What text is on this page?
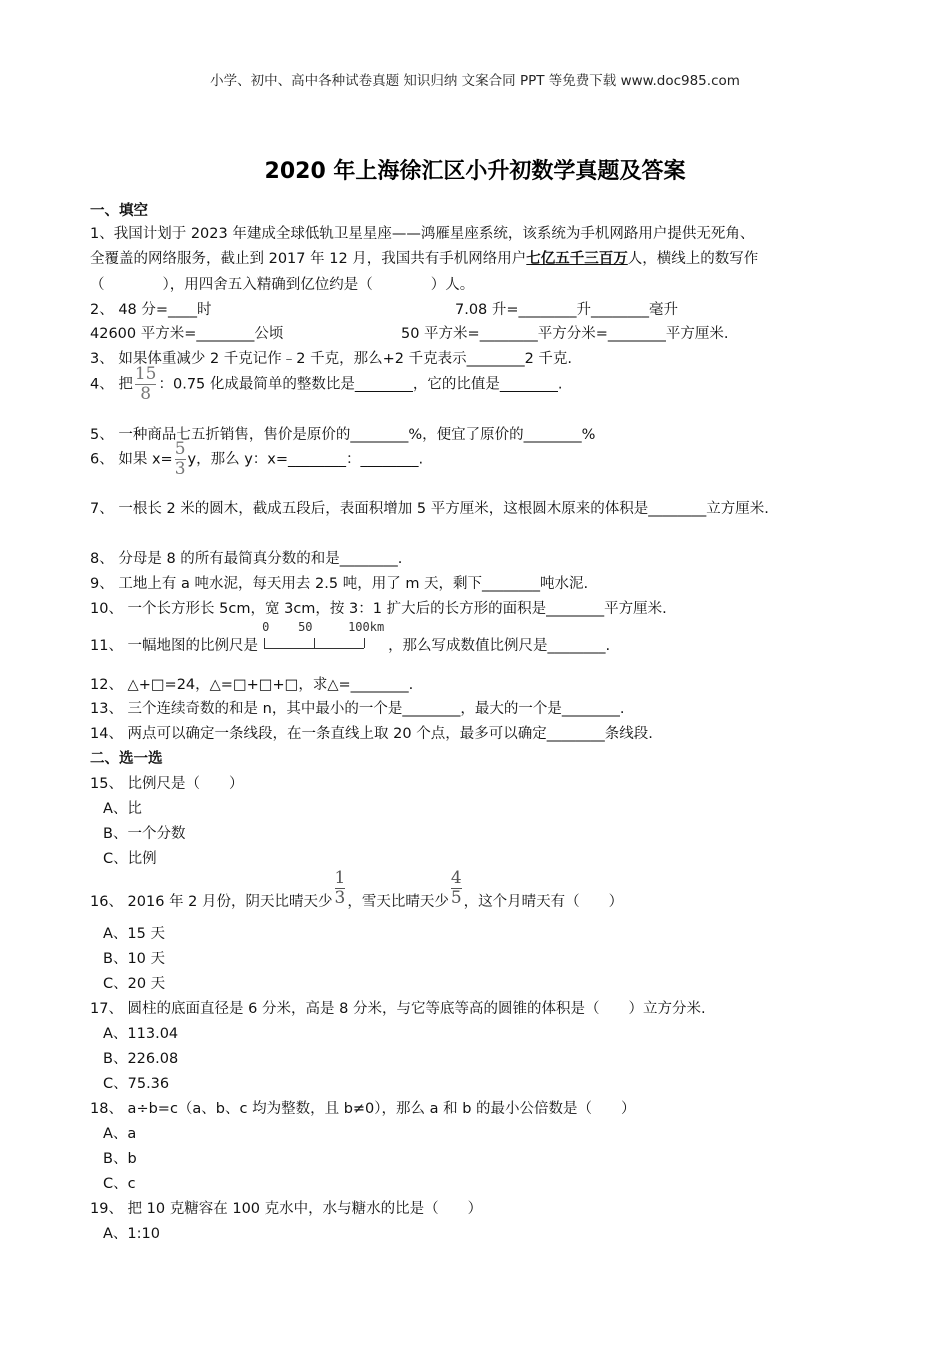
小学、初中、高中各种试卷真题 知识归纳 文案合同 PPT 等免费下载 www.doc985.com
2020 年上海徐汇区小升初数学真题及答案
一、填空
1、我国计划于 2023 年建成全球低轨卫星星座——鸿雁星座系统，该系统为手机网路用户提供无死角、
全覆盖的网络服务，截止到 2017 年 12 月，我国共有手机网络用户七亿五千三百万人，横线上的数写作
（　　　　），用四舍五入精确到亿位约是（　　　　）人。
2、 48 分=____时	7.08 升=________升________毫升
42600 平方米=________公顷	50 平方米=________平方分米=________平方厘米.
3、 如果体重减少 2 千克记作﹣2 千克，那么+2 千克表示________2 千克.
4、 把 $\frac{15}{8}$ ：0.75 化成最简单的整数比是________，它的比值是________.
5、 一种商品七五折销售，售价是原价的________%，便宜了原价的________%
6、 如果 $x= \frac{5}{3}$ y，那么 y：x=________：________.
7、 一根长 2 米的圆木，截成五段后，表面积增加 5 平方厘米，这根圆木原来的体积是________立方厘米.
8、 分母是 8 的所有最简真分数的和是________.
9、 工地上有 a 吨水泥，每天用去 2.5 吨，用了 m 天，剩下________吨水泥.
10、 一个长方形长 5cm，宽 3cm，按 3：1 扩大后的长方形的面积是________平方厘米.
11、 一幅地图的比例尺是
0 50	100km
，那么写成数值比例尺是________.
12、 △+□=24，△=□+□+□，求△=________.
13、 三个连续奇数的和是 n，其中最小的一个是________，最大的一个是________.
14、 两点可以确定一条线段，在一条直线上取 20 个点，最多可以确定________条线段.
二、选一选
15、 比例尺是（　　）
A、比
B、一个分数
C、比例
16、 2016 年 2 月份，阴天比晴天少 $\frac{1}{3}$ ，雪天比晴天少 $\frac{4}{5}$ ，这个月晴天有（　　）
A、15 天
B、10 天
C、20 天
17、 圆柱的底面直径是 6 分米，高是 8 分米，与它等底等高的圆锥的体积是（　　）立方分米.
A、113.04
B、226.08
C、75.36
18、 a÷b=c（a、b、c 均为整数，且 b≠0），那么 a 和 b 的最小公倍数是（　　）
A、a
B、b
C、c
19、 把 10 克糖容在 100 克水中，水与糖水的比是（　　）
A、1:10
